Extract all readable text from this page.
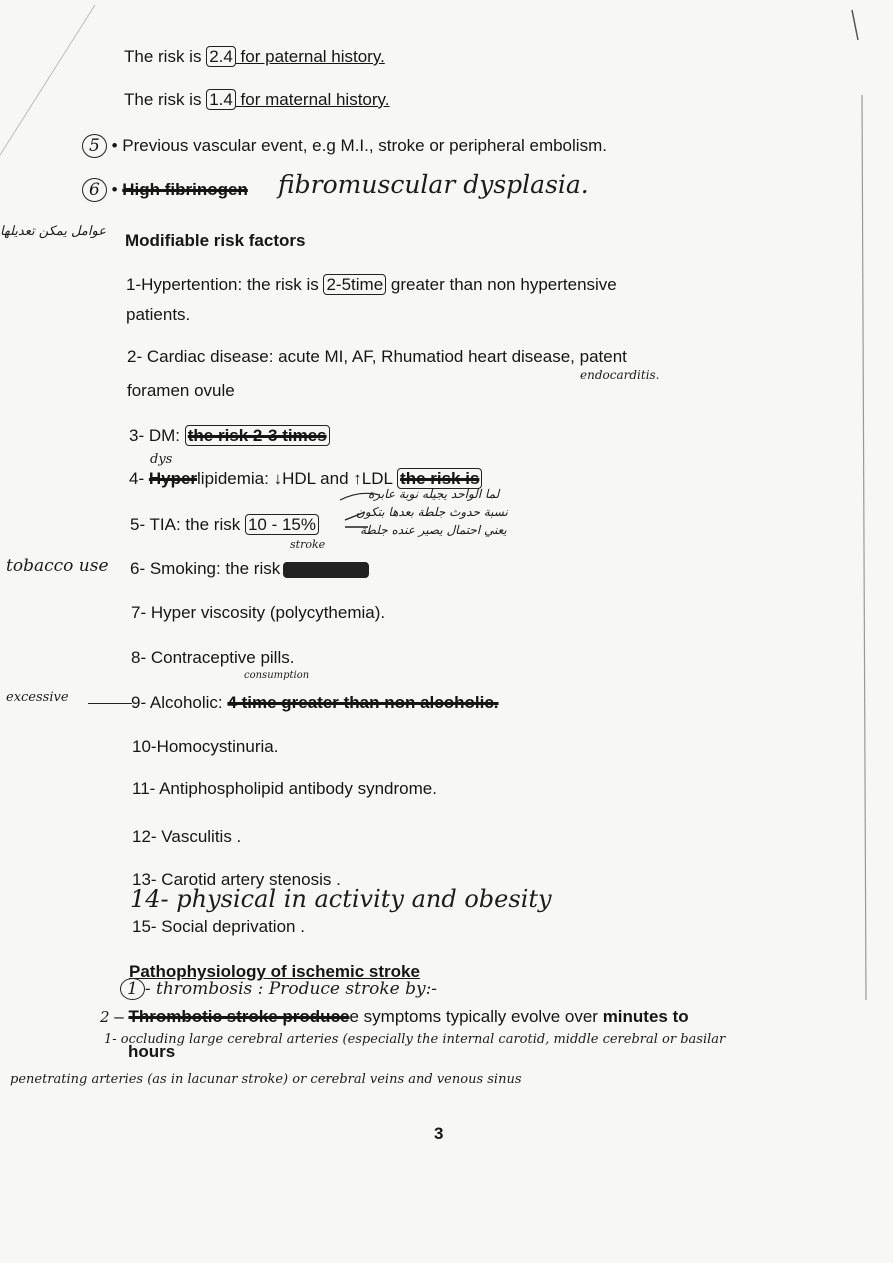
The risk is 2.4 for paternal history.
The risk is 1.4 for maternal history.
5 • Previous vascular event, e.g M.I., stroke or peripheral embolism.
6 • High fibrinogen fibromuscular dysplasia.
عوامل يمكن تعديلها Modifiable risk factors
1-Hypertention: the risk is 2-5time greater than non hypertensive
patients.
2- Cardiac disease: acute MI, AF, Rhumatiod heart disease, patent
endocarditis.
foramen ovule
3- DM: the risk 2-3 times
dys
4- Hyperlipidemia: ↓HDL and ↑LDL the risk is
لما الواحد يجيله نوبة عابرة
نسبة حدوث جلطة بعدها بتكون
يعني احتمال يصير عنده جلطة
5- TIA: the risk 10 - 15%
stroke
tobacco use 6- Smoking: the risk
7- Hyper viscosity (polycythemia).
8- Contraceptive pills.
consumption
excessive	9- Alcoholic: 4 time greater than non alcoholic.
10-Homocystinuria.
11- Antiphospholipid antibody syndrome.
12- Vasculitis .
13- Carotid artery stenosis .
14- physical in activity and obesity
15- Social deprivation .
Pathophysiology of ischemic stroke
1 - thrombosis : Produce stroke by:-
2 – Thrombotic stroke producee symptoms typically evolve over minutes to
hours
1- occluding large cerebral arteries (especially the internal carotid, middle cerebral or basilar
penetrating arteries (as in lacunar stroke) or cerebral veins and venous sinus
3
